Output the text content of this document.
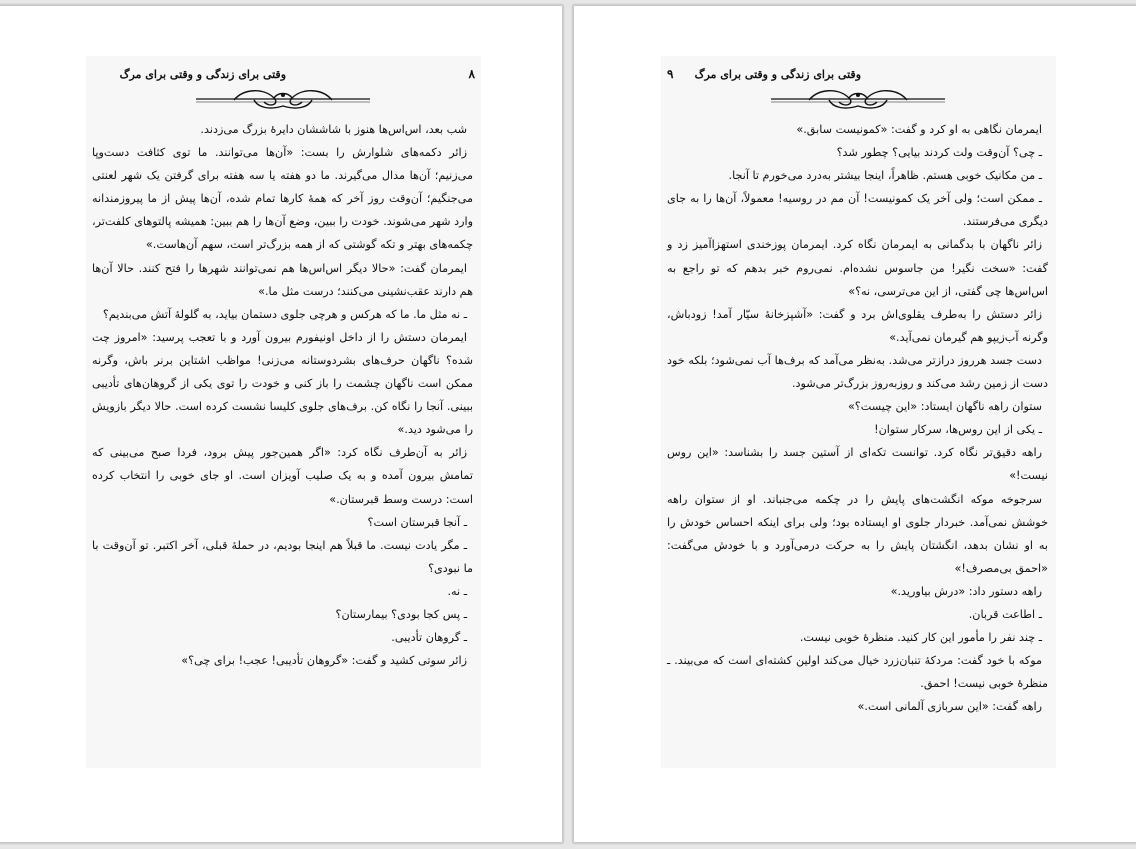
وقتی برای زندگی و وقتی برای مرگ	۸

شب بعد، اس‌اس‌ها هنوز با شاششان دایرهٔ بزرگ می‌زدند.

زائر دکمه‌های شلوارش را بست: «آن‌ها می‌توانند. ما توی کثافت دست‌وپا می‌زنیم؛ آن‌ها مدال می‌گیرند. ما دو هفته یا سه هفته برای گرفتن یک شهر لعنتی می‌جنگیم؛ آن‌وقت روز آخر که همهٔ کارها تمام شده، آن‌ها پیش از ما پیروزمندانه وارد شهر می‌شوند. خودت را ببین، وضع آن‌ها را هم ببین: همیشه پالتوهای کلفت‌تر، چکمه‌های بهتر و تکه گوشتی که از همه بزرگ‌تر است، سهم آن‌هاست.»

ایمرمان گفت: «حالا دیگر اس‌اس‌ها هم نمی‌توانند شهرها را فتح کنند. حالا آن‌ها هم دارند عقب‌نشینی می‌کنند؛ درست مثل ما.»

ـ نه مثل ما. ما که هرکس و هرچی جلوی دستمان بیاید، به گلولهٔ آتش می‌بندیم؟

ایمرمان دستش را از داخل اونیفورم بیرون آورد و با تعجب پرسید: «امروز چت شده؟ ناگهان حرف‌های بشردوستانه می‌زنی! مواظب اشتاین برنر باش، وگرنه ممکن است ناگهان چشمت را باز کنی و خودت را توی یکی از گروهان‌های تأدیبی ببینی. آنجا را نگاه کن. برف‌های جلوی کلیسا نشست کرده است. حالا دیگر بازویش را می‌شود دید.»

زائر به آن‌طرف نگاه کرد: «اگر همین‌جور پیش برود، فردا صبح می‌بینی که تمامش بیرون آمده و به یک صلیب آویزان است. او جای خوبی را انتخاب کرده است: درست وسط قبرستان.»

ـ آنجا قبرستان است؟

ـ مگر یادت نیست. ما قبلاً هم اینجا بودیم، در حملهٔ قبلی، آخر اکتبر. تو آن‌وقت با ما نبودی؟

ـ نه.

ـ پس کجا بودی؟ بیمارستان؟

ـ گروهان تأدیبی.

زائر سوتی کشید و گفت: «گروهان تأدیبی! عجب! برای چی؟»

وقتی برای زندگی و وقتی برای مرگ
۹

ایمرمان نگاهی به او کرد و گفت: «کمونیست سابق.»

ـ چی؟ آن‌وقت ولت کردند بیایی؟ چطور شد؟

ـ من مکانیک خوبی هستم. ظاهراً، اینجا بیشتر به‌درد می‌خورم تا آنجا.

ـ ممکن است؛ ولی آخر یک کمونیست! آن مم در روسیه! معمولاً، آن‌ها را به جای دیگری می‌فرستند.

زائر ناگهان با بدگمانی به ایمرمان نگاه کرد. ایمرمان پوزخندی استهزاآمیز زد و گفت: «سخت نگیر! من جاسوس نشده‌ام. نمی‌روم خبر بدهم که تو راجع به اس‌اس‌ها چی گفتی، از این می‌ترسی، نه؟»

زائر دستش را به‌طرف یقلوی‌اش برد و گفت: «آشپزخانهٔ سیّار آمد! زودباش، وگرنه آب‌زیپو هم گیرمان نمی‌آید.»

دست جسد هرروز درازتر می‌شد. به‌نظر می‌آمد که برف‌ها آب نمی‌شود؛ بلکه خود دست از زمین رشد می‌کند و روزبه‌روز بزرگ‌تر می‌شود.

ستوان راهه ناگهان ایستاد: «این چیست؟»

ـ یکی از این روس‌ها، سرکار ستوان!

راهه دقیق‌تر نگاه کرد. توانست تکه‌ای از آستین جسد را بشناسد: «این روس نیست!»

سرجوخه موکه انگشت‌های پایش را در چکمه می‌جنباند. او از ستوان راهه خوشش نمی‌آمد. خبردار جلوی او ایستاده بود؛ ولی برای اینکه احساس خودش را به او نشان بدهد، انگشتان پایش را به حرکت درمی‌آورد و با خودش می‌گفت: «احمق بی‌مصرف!»

راهه دستور داد: «درش بیاورید.»

ـ اطاعت قربان.

ـ چند نفر را مأمور این کار کنید. منظرهٔ خوبی نیست.

موکه با خود گفت: مردکهٔ تنبان‌زرد خیال می‌کند اولین کشته‌ای است که می‌بیند. ـ منظرهٔ خوبی نیست! احمق.

راهه گفت: «این سربازی آلمانی است.»
